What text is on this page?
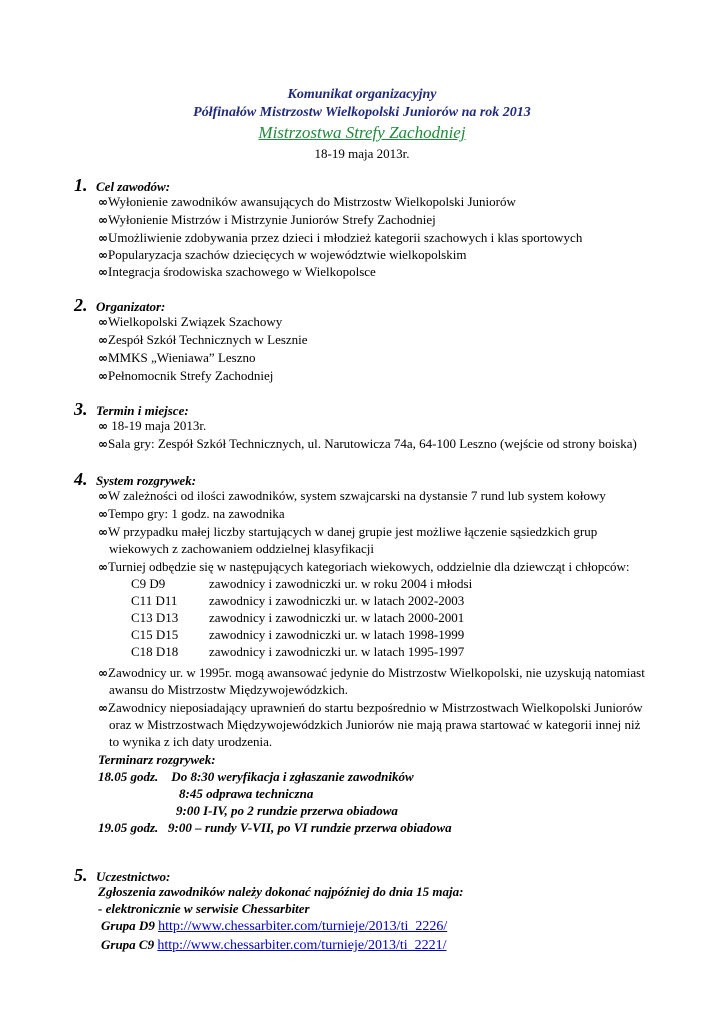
Komunikat organizacyjny
Półfinałów Mistrzostw Wielkopolski Juniorów na rok 2013
Mistrzostwa Strefy Zachodniej
18-19 maja 2013r.
1. Cel zawodów:
∞Wyłonienie zawodników awansujących do Mistrzostw Wielkopolski Juniorów
∞Wyłonienie Mistrzów i Mistrzynie Juniorów Strefy Zachodniej
∞Umożliwienie zdobywania przez dzieci i młodzież kategorii szachowych i klas sportowych
∞Popularyzacja szachów dziecięcych w województwie wielkopolskim
∞Integracja środowiska szachowego w Wielkopolsce
2. Organizator:
∞Wielkopolski Związek Szachowy
∞Zespół Szkół Technicznych w Lesznie
∞MMKS „Wieniawa” Leszno
∞Pełnomocnik Strefy Zachodniej
3. Termin i miejsce:
∞ 18-19 maja 2013r.
∞Sala gry: Zespół Szkół Technicznych, ul. Narutowicza 74a, 64-100 Leszno (wejście od strony boiska)
4. System rozgrywek:
∞W zależności od ilości zawodników, system szwajcarski na dystansie 7 rund lub system kołowy
∞Tempo gry: 1 godz. na zawodnika
∞W przypadku małej liczby startujących w danej grupie jest możliwe łączenie sąsiedzkich grup
wiekowych z zachowaniem oddzielnej klasyfikacji
∞Turniej odbędzie się w następujących kategoriach wiekowych, oddzielnie dla dziewcząt i chłopców:
C9 D9	zawodnicy i zawodniczki ur. w roku 2004 i młodsi
C11 D11 zawodnicy i zawodniczki ur. w latach 2002-2003
C13 D13 zawodnicy i zawodniczki ur. w latach 2000-2001
C15 D15 zawodnicy i zawodniczki ur. w latach 1998-1999
C18 D18 zawodnicy i zawodniczki ur. w latach 1995-1997
∞Zawodnicy ur. w 1995r. mogą awansować jedynie do Mistrzostw Wielkopolski, nie uzyskują natomiast
awansu do Mistrzostw Międzywojewódzkich.
∞Zawodnicy nieposiadający uprawnień do startu bezpośrednio w Mistrzostwach Wielkopolski Juniorów
oraz w Mistrzostwach Międzywojewódzkich Juniorów nie mają prawa startować w kategorii innej niż
to wynika z ich daty urodzenia.
Terminarz rozgrywek:
18.05 godz.    Do 8:30 weryfikacja i zgłaszanie zawodników
8:45 odprawa techniczna
9:00 I-IV, po 2 rundzie przerwa obiadowa
19.05 godz.   9:00 – rundy V-VII, po VI rundzie przerwa obiadowa
5. Uczestnictwo:
Zgłoszenia zawodników należy dokonać najpóźniej do dnia 15 maja:
- elektronicznie w serwisie Chessarbiter
Grupa D9 http://www.chessarbiter.com/turnieje/2013/ti_2226/
Grupa C9 http://www.chessarbiter.com/turnieje/2013/ti_2221/
